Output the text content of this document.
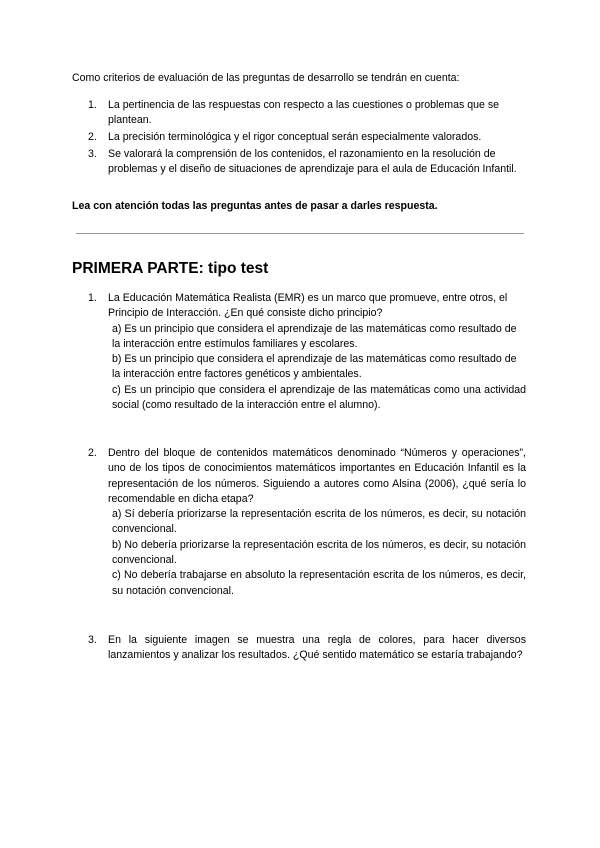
Como criterios de evaluación de las preguntas de desarrollo se tendrán en cuenta:
1. La pertinencia de las respuestas con respecto a las cuestiones o problemas que se plantean.
2. La precisión terminológica y el rigor conceptual serán especialmente valorados.
3. Se valorará la comprensión de los contenidos, el razonamiento en la resolución de problemas y el diseño de situaciones de aprendizaje para el aula de Educación Infantil.
Lea con atención todas las preguntas antes de pasar a darles respuesta.
PRIMERA PARTE: tipo test
1. La Educación Matemática Realista (EMR) es un marco que promueve, entre otros, el Principio de Interacción. ¿En qué consiste dicho principio?

a) Es un principio que considera el aprendizaje de las matemáticas como resultado de la interacción entre estímulos familiares y escolares.

b) Es un principio que considera el aprendizaje de las matemáticas como resultado de la interacción entre factores genéticos y ambientales.

c) Es un principio que considera el aprendizaje de las matemáticas como una actividad social (como resultado de la interacción entre el alumno).

2. Dentro del bloque de contenidos matemáticos denominado “Números y operaciones”, uno de los tipos de conocimientos matemáticos importantes en Educación Infantil es la representación de los números. Siguiendo a autores como Alsina (2006), ¿qué sería lo recomendable en dicha etapa?

a) Sí debería priorizarse la representación escrita de los números, es decir, su notación convencional.

b) No debería priorizarse la representación escrita de los números, es decir, su notación convencional.

c) No debería trabajarse en absoluto la representación escrita de los números, es decir, su notación convencional.

3. En la siguiente imagen se muestra una regla de colores, para hacer diversos lanzamientos y analizar los resultados. ¿Qué sentido matemático se estaría trabajando?
